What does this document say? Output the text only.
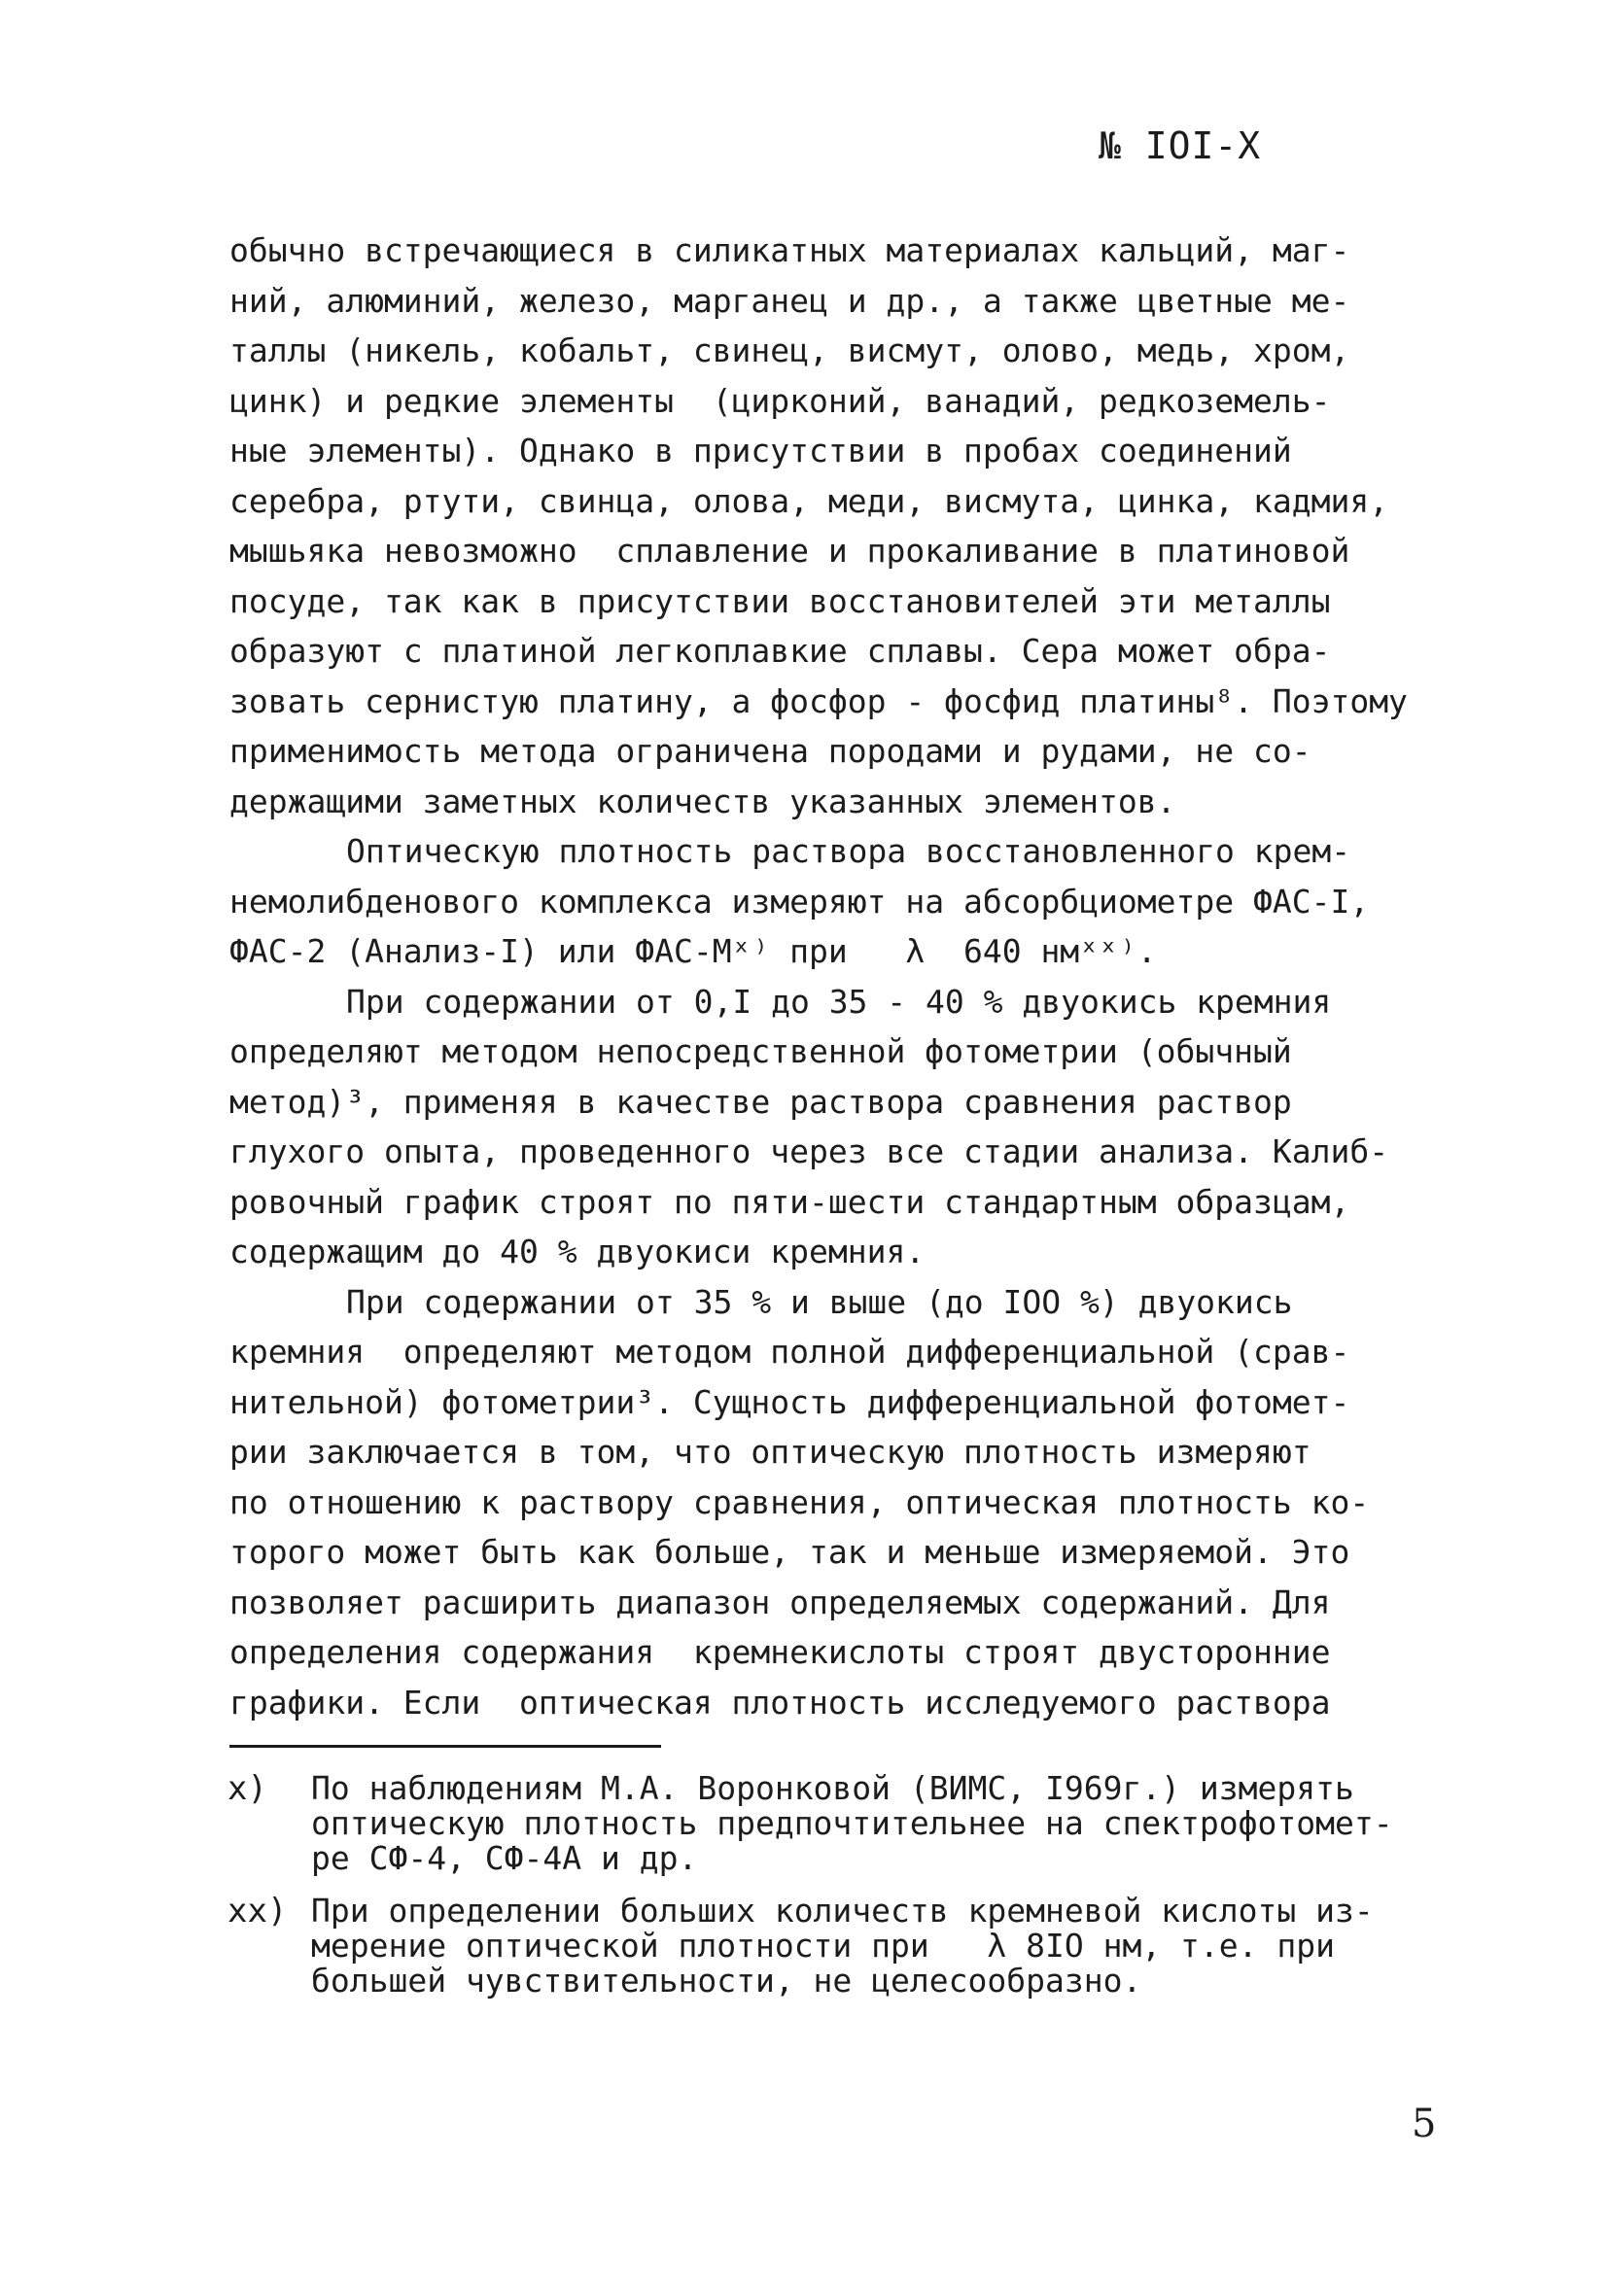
№ IOI-Х
обычно встречающиеся в силикатных материалах кальций, маг-
ний, алюминий, железо, марганец и др., а также цветные ме-
таллы (никель, кобальт, свинец, висмут, олово, медь, хром,
цинк) и редкие элементы  (цирконий, ванадий, редкоземель-
ные элементы). Однако в присутствии в пробах соединений
серебра, ртути, свинца, олова, меди, висмута, цинка, кадмия,
мышьяка невозможно  сплавление и прокаливание в платиновой
посуде, так как в присутствии восстановителей эти металлы
образуют с платиной легкоплавкие сплавы. Сера может обра-
зовать сернистую платину, а фосфор - фосфид платины⁸. Поэтому
применимость метода ограничена породами и рудами, не со-
держащими заметных количеств указанных элементов.
Оптическую плотность раствора восстановленного крем-
немолибденового комплекса измеряют на абсорбциометре ФАС-I,
ФАС-2 (Анализ-I) или ФАС-Мˣ⁾ при   λ  640 нмˣˣ⁾.
При содержании от 0,I до 35 - 40 % двуокись кремния
определяют методом непосредственной фотометрии (обычный
метод)³, применяя в качестве раствора сравнения раствор
глухого опыта, проведенного через все стадии анализа. Калиб-
ровочный график строят по пяти-шести стандартным образцам,
содержащим до 40 % двуокиси кремния.
При содержании от 35 % и выше (до IOO %) двуокись
кремния  определяют методом полной дифференциальной (срав-
нительной) фотометрии³. Сущность дифференциальной фотомет-
рии заключается в том, что оптическую плотность измеряют
по отношению к раствору сравнения, оптическая плотность ко-
торого может быть как больше, так и меньше измеряемой. Это
позволяет расширить диапазон определяемых содержаний. Для
определения содержания  кремнекислоты строят двусторонние
графики. Если  оптическая плотность исследуемого раствора
x)	По наблюдениям М.А. Воронковой (ВИМС, I969г.) измерять
оптическую плотность предпочтительнее на спектрофотомет-
ре СФ-4, СФ-4А и др.
xx) При определении больших количеств кремневой кислоты из-
мерение оптической плотности при   λ 8IO нм, т.е. при
большей чувствительности, не целесообразно.
5
